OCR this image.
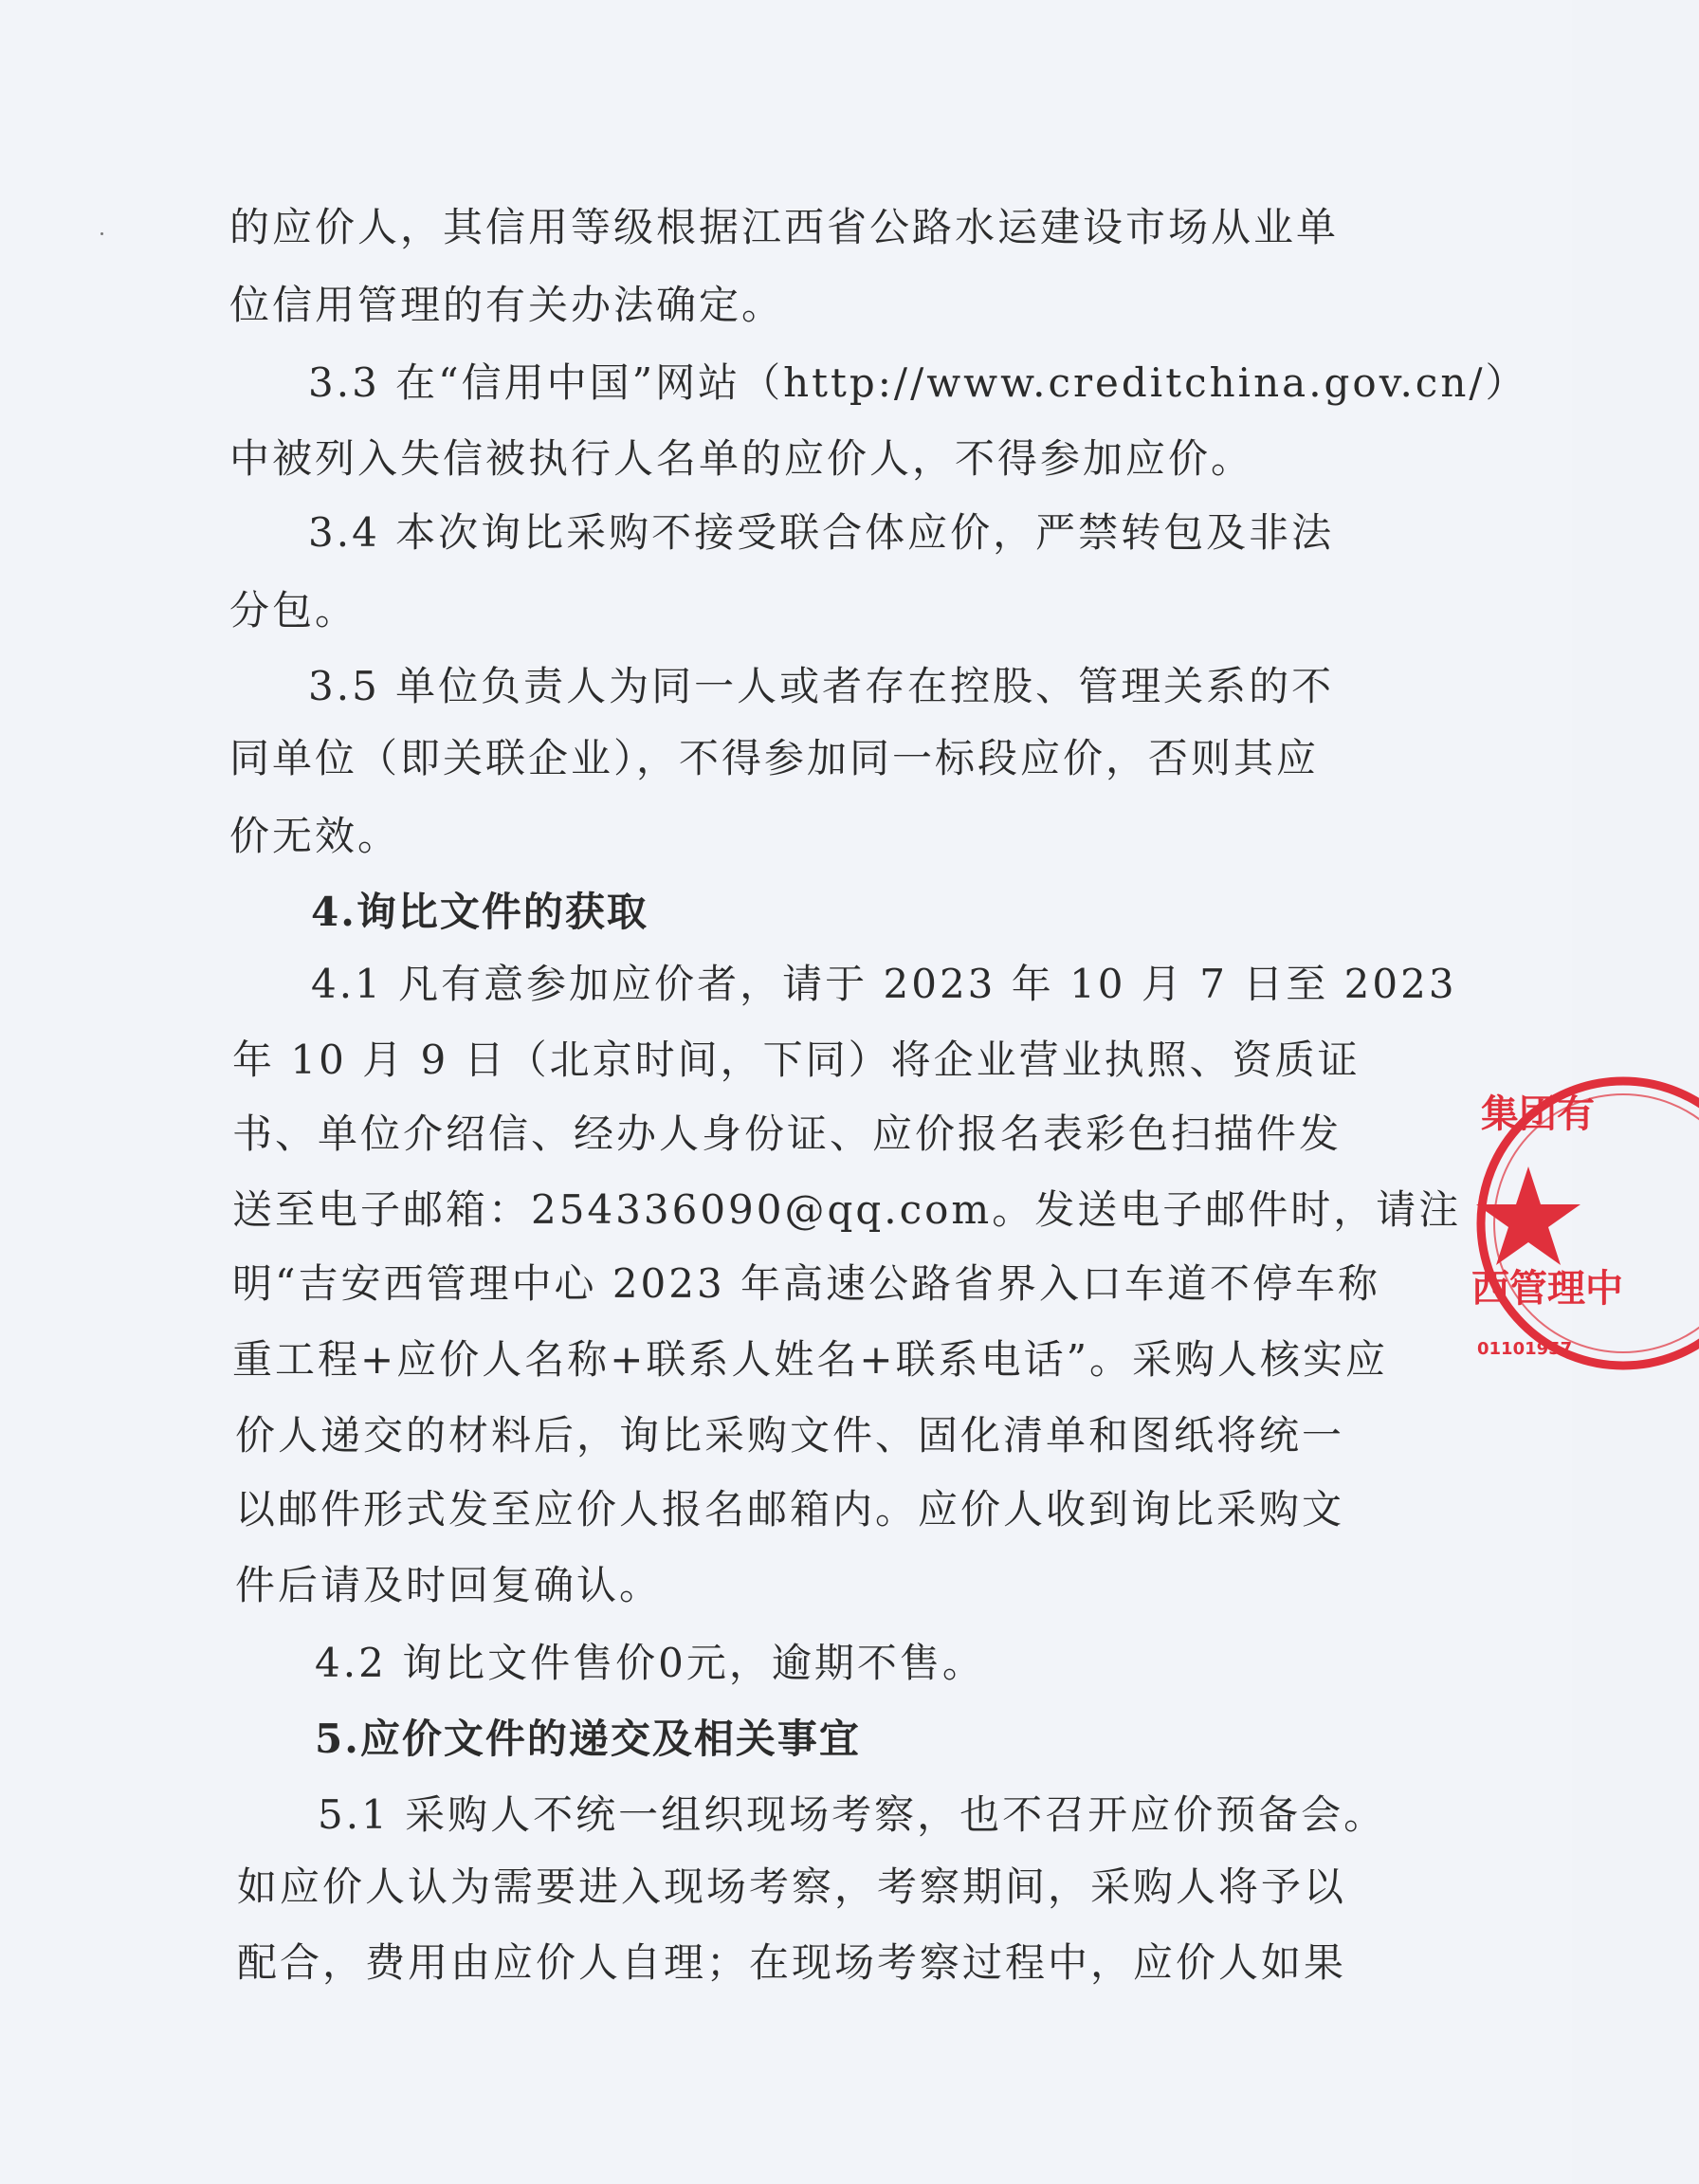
的应价人，其信用等级根据江西省公路水运建设市场从业单
位信用管理的有关办法确定。
3.3 在“信用中国”网站（http://www.creditchina.gov.cn/）
中被列入失信被执行人名单的应价人，不得参加应价。
3.4 本次询比采购不接受联合体应价，严禁转包及非法
分包。
3.5 单位负责人为同一人或者存在控股、管理关系的不
同单位（即关联企业），不得参加同一标段应价，否则其应
价无效。
4.询比文件的获取
4.1 凡有意参加应价者，请于 2023 年 10 月 7 日至 2023
年 10 月 9 日（北京时间，下同）将企业营业执照、资质证
书、单位介绍信、经办人身份证、应价报名表彩色扫描件发
送至电子邮箱：254336090@qq.com。发送电子邮件时，请注
明“吉安西管理中心 2023 年高速公路省界入口车道不停车称
重工程+应价人名称+联系人姓名+联系电话”。采购人核实应
价人递交的材料后，询比采购文件、固化清单和图纸将统一
以邮件形式发至应价人报名邮箱内。应价人收到询比采购文
件后请及时回复确认。
4.2 询比文件售价0元，逾期不售。
5.应价文件的递交及相关事宜
5.1 采购人不统一组织现场考察，也不召开应价预备会。
如应价人认为需要进入现场考察，考察期间，采购人将予以
配合，费用由应价人自理；在现场考察过程中，应价人如果
集团有
西管理中
01101957
